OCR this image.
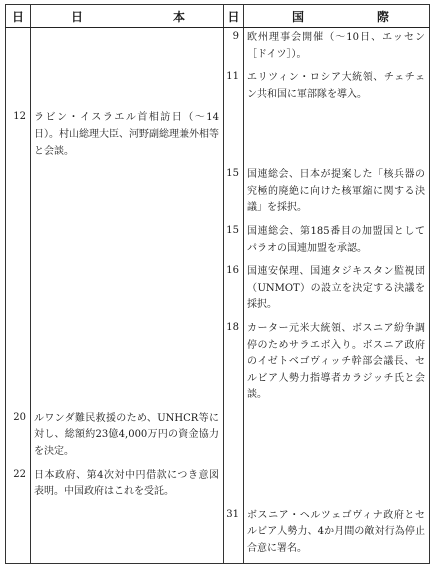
日	日 本	日	国 際

		9	欧州理事会開催（〜10日、エッセン［ドイツ］）。
		11	エリツィン・ロシア大統領、チェチェン共和国に軍部隊を導入。
12	ラビン・イスラエル首相訪日（〜14日）。村山総理大臣、河野副総理兼外相等と会談。		
		15	国連総会、日本が提案した「核兵器の究極的廃絶に向けた核軍縮に関する決議」を採択。
		15	国連総会、第185番目の加盟国としてパラオの国連加盟を承認。
		16	国連安保理、国連タジキスタン監視団（UNMOT）の設立を決定する決議を採択。
		18	カーター元米大統領、ボスニア紛争調停のためサラエボ入り。ボスニア政府のイゼトベゴヴィッチ幹部会議長、セルビア人勢力指導者カラジッチ氏と会談。
20	ルワンダ難民救援のため、UNHCR等に対し、総額約23億4,000万円の資金協力を決定。		
22	日本政府、第4次対中円借款につき意図表明。中国政府はこれを受託。		
		31	ボスニア・ヘルツェゴヴィナ政府とセルビア人勢力、4か月間の敵対行為停止合意に署名。
